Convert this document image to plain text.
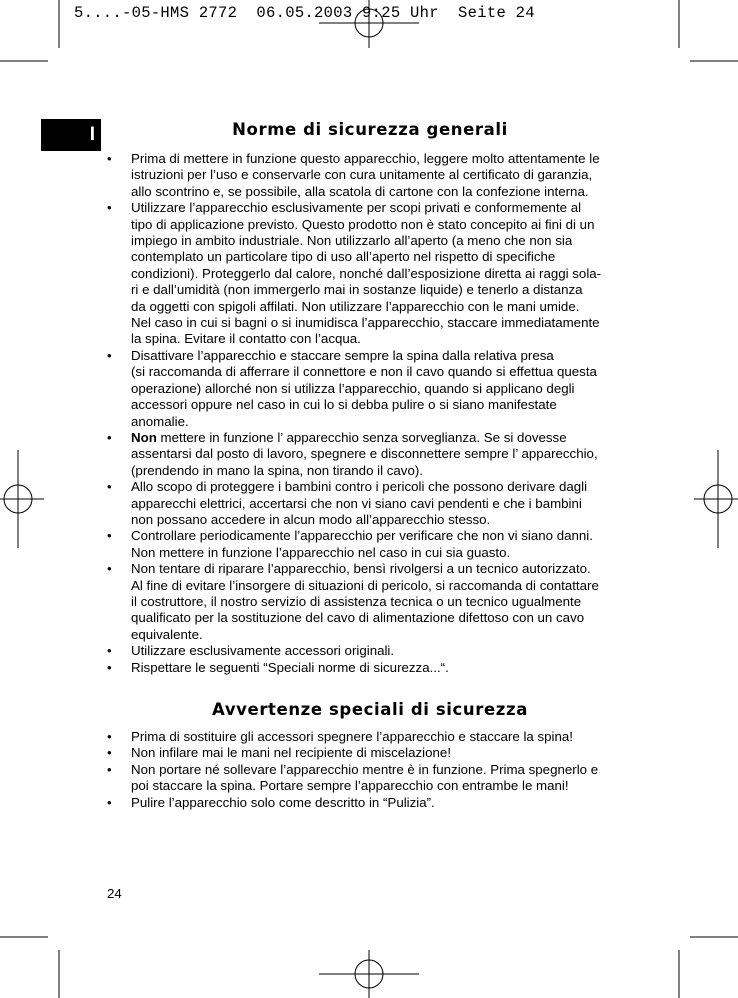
5....-05-HMS 2772  06.05.2003 9:25 Uhr  Seite 24
I	Norme di sicurezza generali
• Prima di mettere in funzione questo apparecchio, leggere molto attentamente le
istruzioni per l’uso e conservarle con cura unitamente al certificato di garanzia,
allo scontrino e, se possibile, alla scatola di cartone con la confezione interna.
• Utilizzare l’apparecchio esclusivamente per scopi privati e conformemente al
tipo di applicazione previsto. Questo prodotto non è stato concepito ai fini di un
impiego in ambito industriale. Non utilizzarlo all’aperto (a meno che non sia
contemplato un particolare tipo di uso all’aperto nel rispetto di specifiche
condizioni). Proteggerlo dal calore, nonché dall’esposizione diretta ai raggi sola-
ri e dall’umidità (non immergerlo mai in sostanze liquide) e tenerlo a distanza
da oggetti con spigoli affilati. Non utilizzare l’apparecchio con le mani umide.
Nel caso in cui si bagni o si inumidisca l’apparecchio, staccare immediatamente
la spina. Evitare il contatto con l’acqua.
• Disattivare l’apparecchio e staccare sempre la spina dalla relativa presa
(si raccomanda di afferrare il connettore e non il cavo quando si effettua questa
operazione) allorché non si utilizza l’apparecchio, quando si applicano degli
accessori oppure nel caso in cui lo si debba pulire o si siano manifestate
anomalie.
• Non mettere in funzione l’ apparecchio senza sorveglianza. Se si dovesse
assentarsi dal posto di lavoro, spegnere e disconnettere sempre l’ apparecchio,
(prendendo in mano la spina, non tirando il cavo).
• Allo scopo di proteggere i bambini contro i pericoli che possono derivare dagli
apparecchi elettrici, accertarsi che non vi siano cavi pendenti e che i bambini
non possano accedere in alcun modo all’apparecchio stesso.
• Controllare periodicamente l’apparecchio per verificare che non vi siano danni.
Non mettere in funzione l’apparecchio nel caso in cui sia guasto.
• Non tentare di riparare l’apparecchio, bensì rivolgersi a un tecnico autorizzato.
Al fine di evitare l’insorgere di situazioni di pericolo, si raccomanda di contattare
il costruttore, il nostro servizio di assistenza tecnica o un tecnico ugualmente
qualificato per la sostituzione del cavo di alimentazione difettoso con un cavo
equivalente.
• Utilizzare esclusivamente accessori originali.
• Rispettare le seguenti “Speciali norme di sicurezza...“.
Avvertenze speciali di sicurezza
• Prima di sostituire gli accessori spegnere l’apparecchio e staccare la spina!
• Non infilare mai le mani nel recipiente di miscelazione!
• Non portare né sollevare l’apparecchio mentre è in funzione. Prima spegnerlo e
poi staccare la spina. Portare sempre l’apparecchio con entrambe le mani!
• Pulire l’apparecchio solo come descritto in “Pulizia”.
24
